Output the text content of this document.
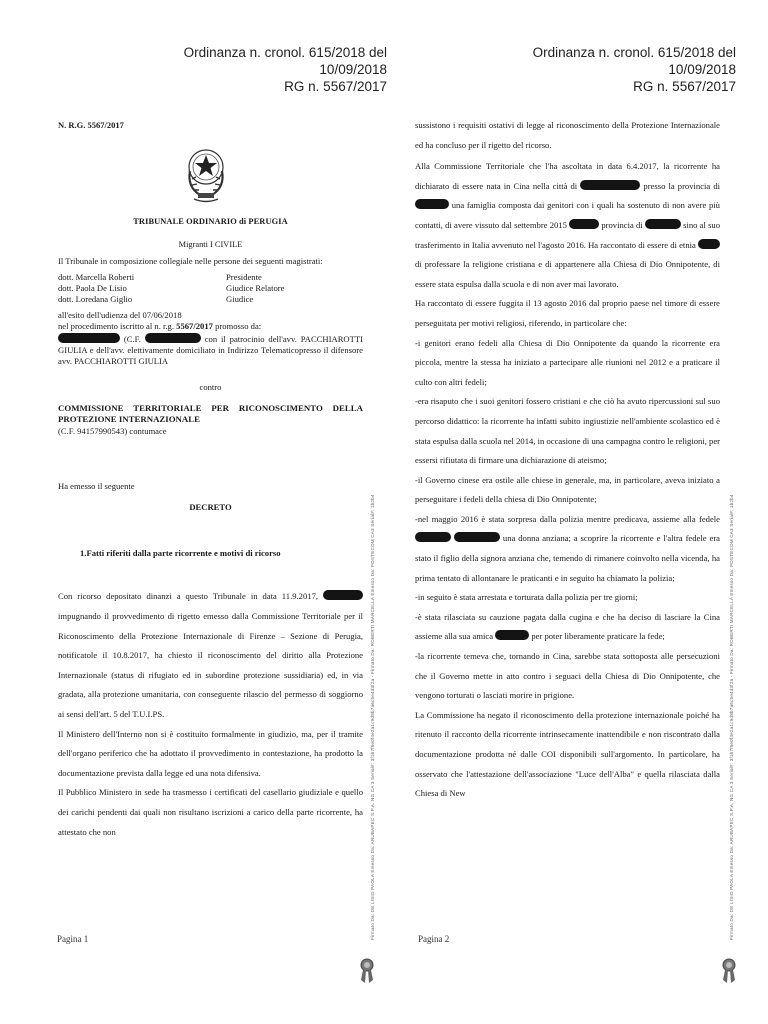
Ordinanza n. cronol. 615/2018 del 10/09/2018
RG n. 5567/2017
Ordinanza n. cronol. 615/2018 del 10/09/2018
RG n. 5567/2017
N. R.G. 5567/2017
TRIBUNALE ORDINARIO di PERUGIA
Migranti I CIVILE
Il Tribunale in composizione collegiale nelle persone dei seguenti magistrati:
dott. Marcella Roberti	Presidente
dott. Paola De Lisio	Giudice Relatore
dott. Loredana Giglio	Giudice
all'esito dell'udienza del 07/06/2018
nel procedimento iscritto al n. r.g. 5567/2017 promosso da:
(C.F.	con il patrocinio dell'avv. PACCHIAROTTI GIULIA e dell'avv. elettivamente domiciliato in Indirizzo Telematicopresso il difensore avv. PACCHIAROTTI GIULIA
contro
COMMISSIONE TERRITORIALE PER RICONOSCIMENTO DELLA PROTEZIONE INTERNAZIONALE
(C.F. 94157990543) contumace
Ha emesso il seguente
DECRETO
1.Fatti riferiti dalla parte ricorrente e motivi di ricorso
Con ricorso depositato dinanzi a questo Tribunale in data 11.9.2017,  impugnando il provvedimento di rigetto emesso dalla Commissione Territoriale per il Riconoscimento della Protezione Internazionale di Firenze – Sezione di Perugia, notificatole il 10.8.2017, ha chiesto il riconoscimento del diritto alla Protezione Internazionale (status di rifugiato ed in subordine protezione sussidiaria) ed, in via gradata, alla protezione umanitaria, con conseguente rilascio del permesso di soggiorno ai sensi dell'art. 5 del T.U.I.PS.
Il Ministero dell'Interno non si è costituito formalmente in giudizio, ma, per il tramite dell'organo periferico che ha adottato il provvedimento in contestazione, ha prodotto la documentazione prevista dalla legge ed una nota difensiva.
Il Pubblico Ministero in sede ha trasmesso i certificati del casellario giudiziale e quello dei carichi pendenti dai quali non risultano iscrizioni a carico della parte ricorrente, ha attestato che non
Pagina 1
sussistono i requisiti ostativi di legge al riconoscimento della Protezione Internazionale ed ha concluso per il rigetto del ricorso.
Alla Commissione Territoriale che l'ha ascoltata in data 6.4.2017, la ricorrente ha dichiarato di essere nata in Cina nella città di	presso la provincia di  una famiglia composta dai genitori con i quali ha sostenuto di non avere più contatti, di avere vissuto dal settembre 2015	provincia di	sino al suo trasferimento in Italia avvenuto nel l'agosto 2016. Ha raccontato di essere di etnia  di professare la religione cristiana e di appartenere alla Chiesa di Dio Onnipotente, di essere stata espulsa dalla scuola e di non aver mai lavorato.
Ha raccontato di essere fuggita il 13 agosto 2016 dal proprio paese nel timore di essere perseguitata per motivi religiosi, riferendo, in particolare che:
-i genitori erano fedeli alla Chiesa di Dio Onnipotente da quando la ricorrente era piccola, mentre la stessa ha iniziato a partecipare alle riunioni nel 2012 e a praticare il culto con altri fedeli;
-era risaputo che i suoi genitori fossero cristiani e che ciò ha avuto ripercussioni sul suo percorso didattico: la ricorrente ha infatti subito ingiustizie nell'ambiente scolastico ed è stata espulsa dalla scuola nel 2014, in occasione di una campagna contro le religioni, per essersi rifiutata di firmare una dichiarazione di ateismo;
-il Governo cinese era ostile alle chiese in generale, ma, in particolare, aveva iniziato a perseguitare i fedeli della chiesa di Dio Onnipotente;
-nel maggio 2016 è stata sorpresa dalla polizia mentre predicava, assieme alla fedele   una donna anziana; a scoprire la ricorrente e l'altra fedele era stato il figlio della signora anziana che, temendo di rimanere coinvolto nella vicenda, ha prima tentato di allontanare le praticanti e in seguito ha chiamato la polizia;
-in seguito è stata arrestata e torturata dalla polizia per tre giorni;
-è stata rilasciata su cauzione pagata dalla cugina e che ha deciso di lasciare la Cina assieme alla sua amica	per poter liberamente praticare la fede;
-la ricorrente temeva che, tornando in Cina, sarebbe stata sottoposta alle persecuzioni che il Governo mette in atto contro i seguaci della Chiesa di Dio Onnipotente, che vengono torturati o lasciati morire in prigione.
La Commissione ha negato il riconoscimento della protezione internazionale poiché ha ritenuto il racconto della ricorrente intrinsecamente inattendibile e non riscontrato dalla documentazione prodotta né dalle COI disponibili sull'argomento. In particolare, ha osservato che l'attestazione dell'associazione "Luce dell'Alba" e quella rilasciata dalla Chiesa di New
Pagina 2
Firmato Da: DE LISIO PAOLA Emesso Da: ARUBAPEC S.P.A. NG CA 3 Serial#: 3f1b7f6e0f4e2a1c9d8b7a6c5e4d3f2a - Firmato Da: ROBERTI MARCELLA Emesso Da: POSTECOM CA3 Serial#: 1b2b4	Firmato Da: DE LISIO PAOLA Emesso Da: ARUBAPEC S.P.A. NG CA 3 Serial#: 3f1b7f6e0f4e2a1c9d8b7a6c5e4d3f2a - Firmato Da: ROBERTI MARCELLA Emesso Da: POSTECOM CA3 Serial#: 1b2b4
